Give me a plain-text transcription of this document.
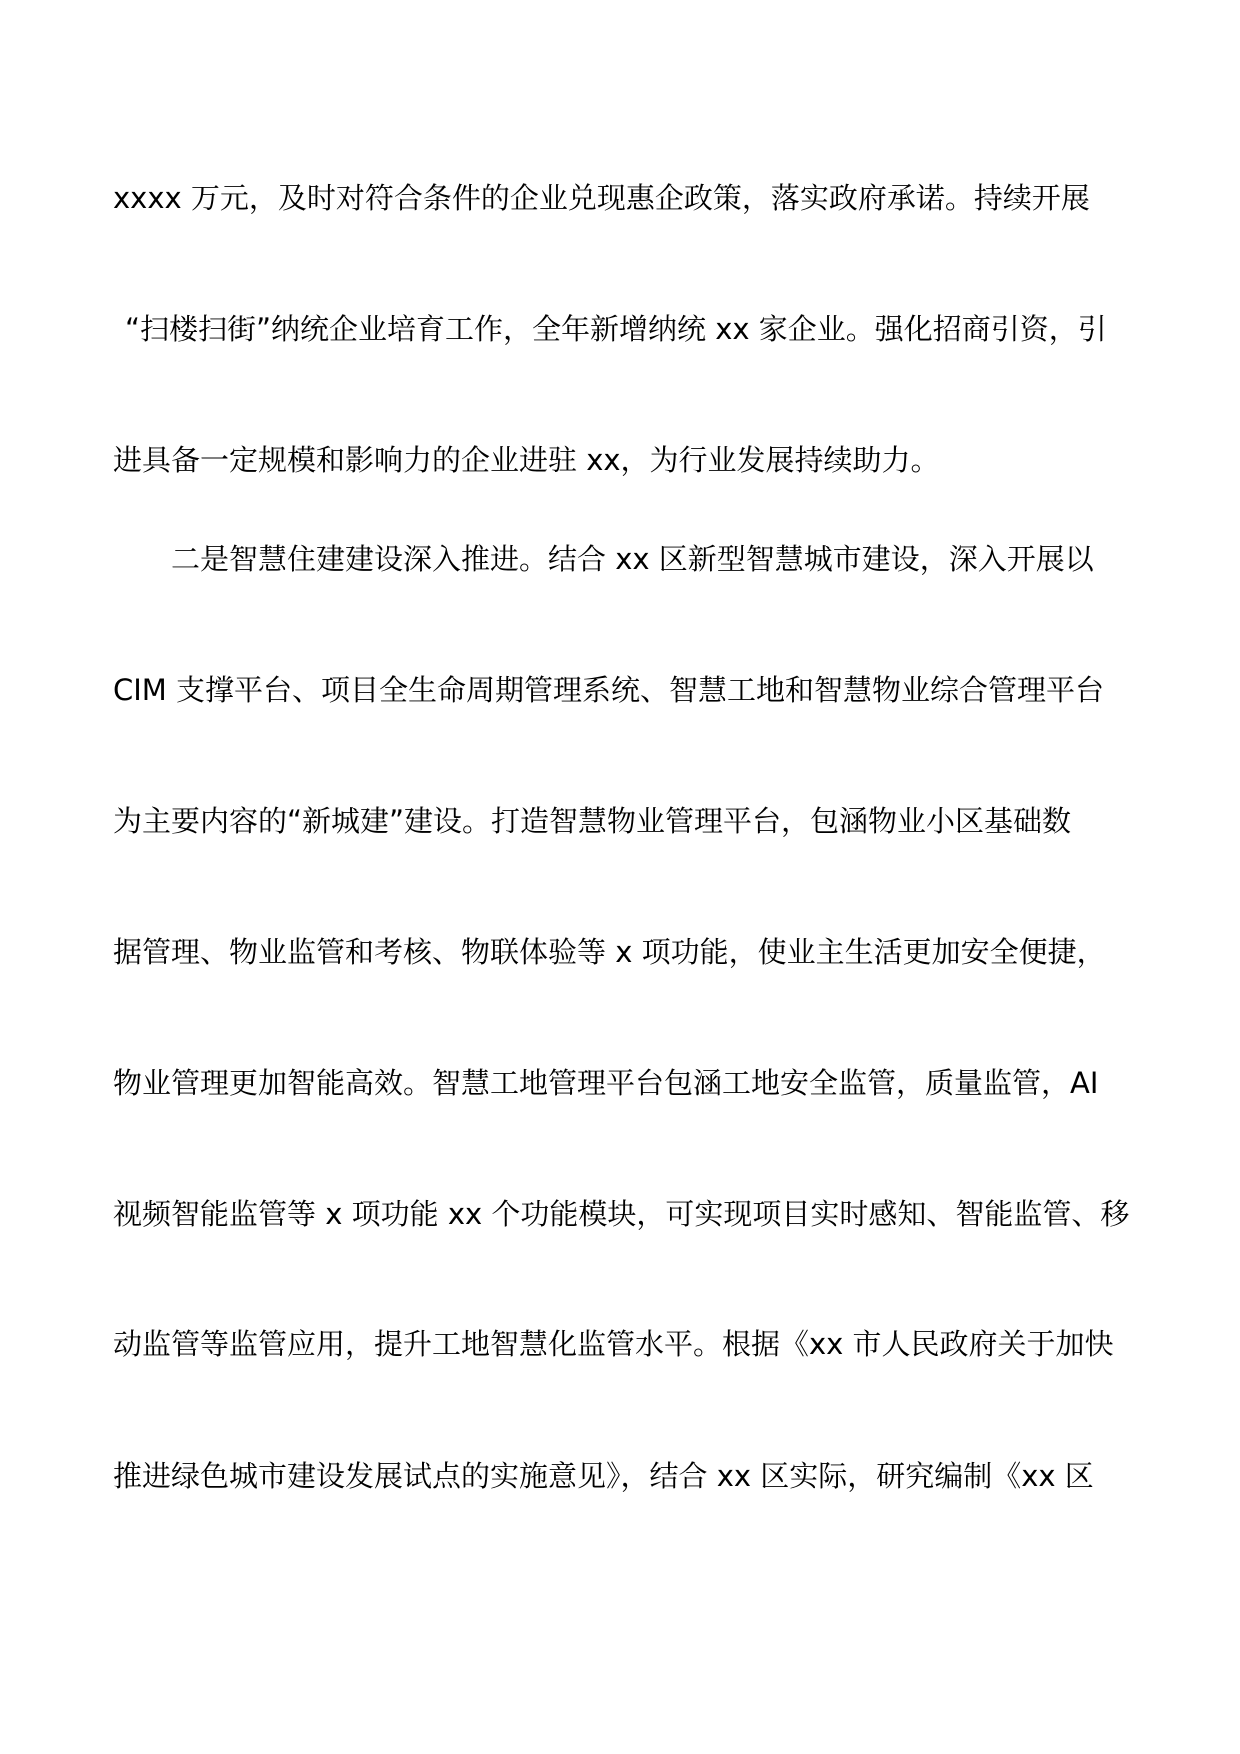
xxxx 万元，及时对符合条件的企业兑现惠企政策，落实政府承诺。持续开展
“扫楼扫街”纳统企业培育工作，全年新增纳统 xx 家企业。强化招商引资，引
进具备一定规模和影响力的企业进驻 xx，为行业发展持续助力。
二是智慧住建建设深入推进。结合 xx 区新型智慧城市建设，深入开展以
CIM 支撑平台、项目全生命周期管理系统、智慧工地和智慧物业综合管理平台
为主要内容的“新城建”建设。打造智慧物业管理平台，包涵物业小区基础数
据管理、物业监管和考核、物联体验等 x 项功能，使业主生活更加安全便捷，
物业管理更加智能高效。智慧工地管理平台包涵工地安全监管，质量监管，AI
视频智能监管等 x 项功能 xx 个功能模块，可实现项目实时感知、智能监管、移
动监管等监管应用，提升工地智慧化监管水平。根据《xx 市人民政府关于加快
推进绿色城市建设发展试点的实施意见》，结合 xx 区实际，研究编制《xx 区
